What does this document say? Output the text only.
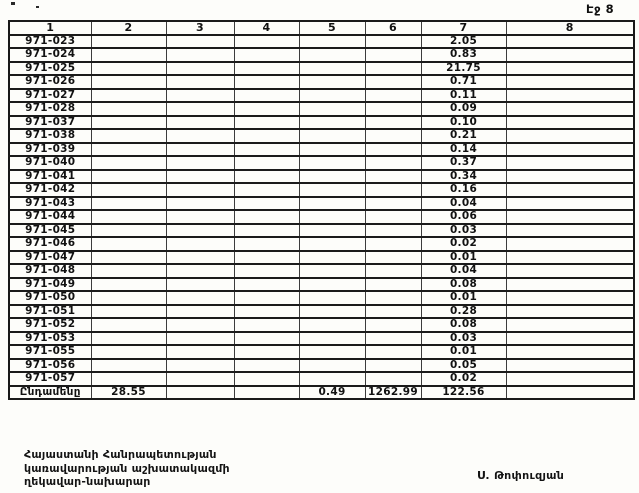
Էջ 8
1	2	3	4	5	6	7	8
971-023						2.05	
971-024						0.83	
971-025						21.75	
971-026						0.71	
971-027						0.11	
971-028						0.09	
971-037						0.10	
971-038						0.21	
971-039						0.14	
971-040						0.37	
971-041						0.34	
971-042						0.16	
971-043						0.04	
971-044						0.06	
971-045						0.03	
971-046						0.02	
971-047						0.01	
971-048						0.04	
971-049						0.08	
971-050						0.01	
971-051						0.28	
971-052						0.08	
971-053						0.03	
971-055						0.01	
971-056						0.05	
971-057						0.02	
Ընդամենը	28.55			0.49	1262.99	122.56	
Հայաստանի Հանրապետության
կառավարության աշխատակազմի
ղեկավար-նախարար	Ս. Թոփուզյան
